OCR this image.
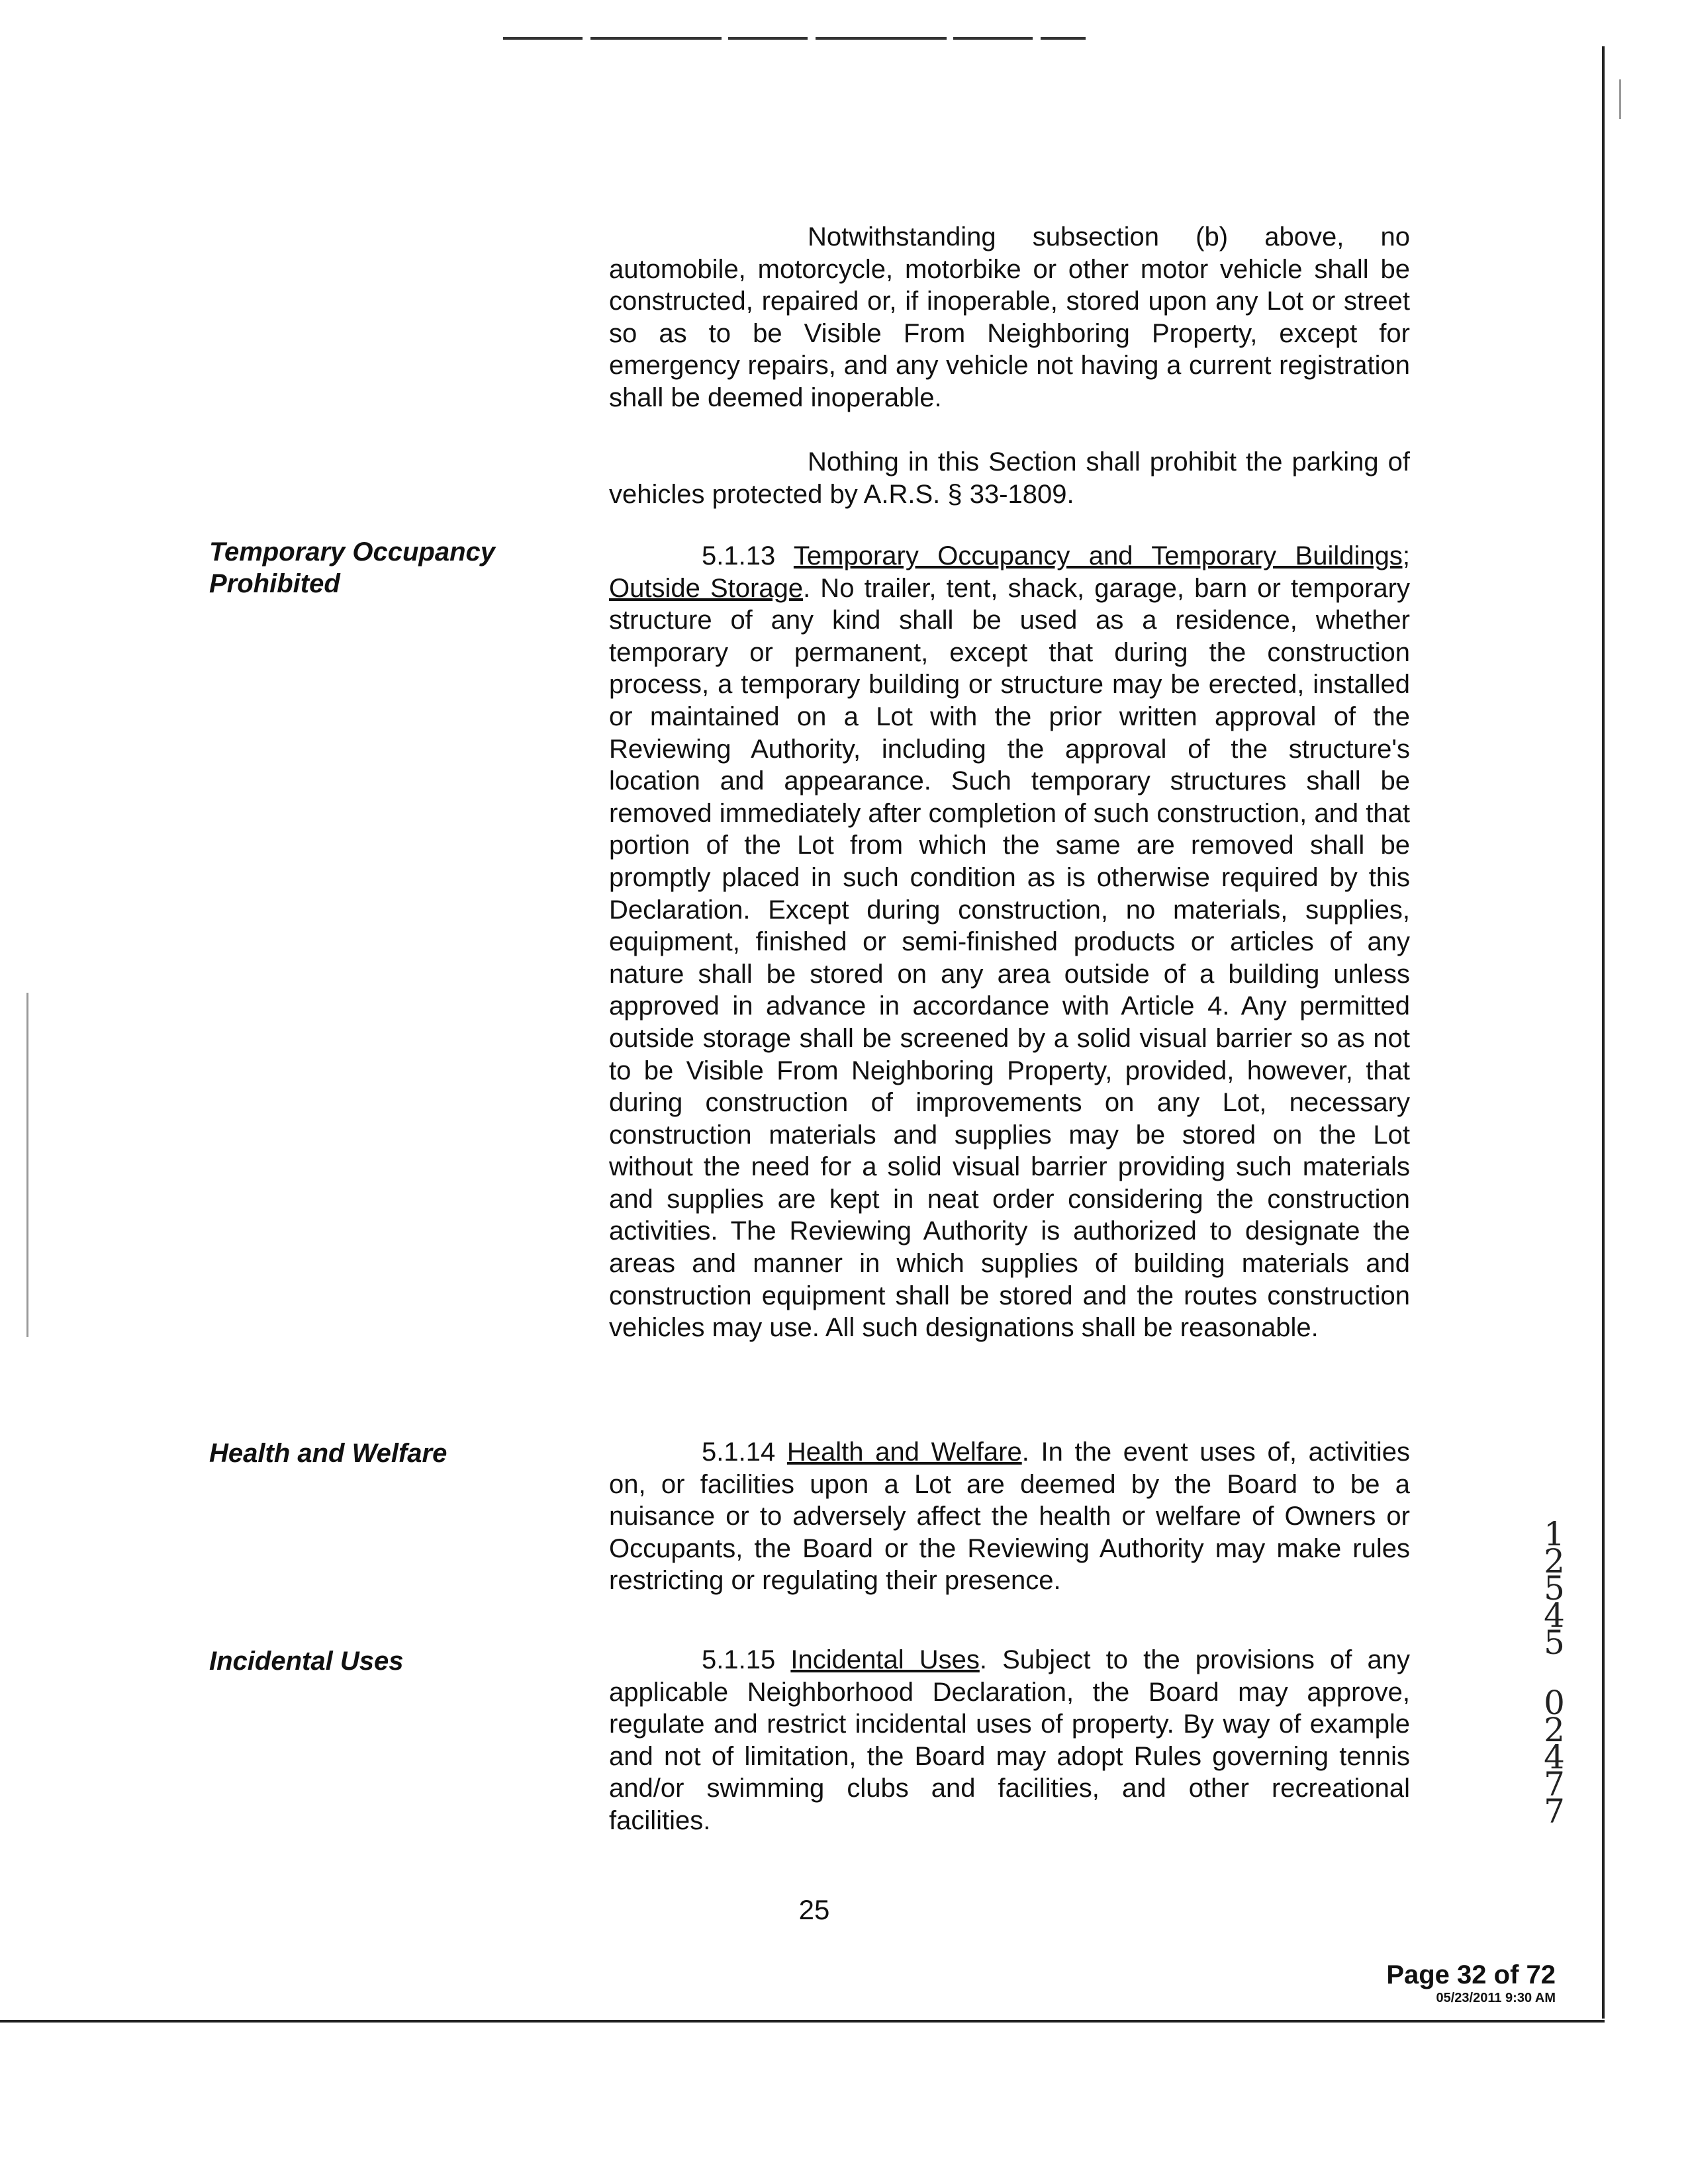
Notwithstanding subsection (b) above, no automobile, motorcycle, motorbike or other motor vehicle shall be constructed, repaired or, if inoperable, stored upon any Lot or street so as to be Visible From Neighboring Property, except for emergency repairs, and any vehicle not having a current registration shall be deemed inoperable.
Nothing in this Section shall prohibit the parking of vehicles protected by A.R.S. § 33-1809.
Temporary Occupancy Prohibited
5.1.13 Temporary Occupancy and Temporary Buildings; Outside Storage. No trailer, tent, shack, garage, barn or temporary structure of any kind shall be used as a residence, whether temporary or permanent, except that during the construction process, a temporary building or structure may be erected, installed or maintained on a Lot with the prior written approval of the Reviewing Authority, including the approval of the structure's location and appearance. Such temporary structures shall be removed immediately after completion of such construction, and that portion of the Lot from which the same are removed shall be promptly placed in such condition as is otherwise required by this Declaration. Except during construction, no materials, supplies, equipment, finished or semi-finished products or articles of any nature shall be stored on any area outside of a building unless approved in advance in accordance with Article 4. Any permitted outside storage shall be screened by a solid visual barrier so as not to be Visible From Neighboring Property, provided, however, that during construction of improvements on any Lot, necessary construction materials and supplies may be stored on the Lot without the need for a solid visual barrier providing such materials and supplies are kept in neat order considering the construction activities. The Reviewing Authority is authorized to designate the areas and manner in which supplies of building materials and construction equipment shall be stored and the routes construction vehicles may use. All such designations shall be reasonable.
Health and Welfare	5.1.14 Health and Welfare. In the event uses of, activities on, or facilities upon a Lot are deemed by the Board to be a nuisance or to adversely affect the health or welfare of Owners or Occupants, the Board or the Reviewing Authority may make rules restricting or regulating their presence.
Incidental Uses	5.1.15 Incidental Uses. Subject to the provisions of any applicable Neighborhood Declaration, the Board may approve, regulate and restrict incidental uses of property. By way of example and not of limitation, the Board may adopt Rules governing tennis and/or swimming clubs and facilities, and other recreational facilities.
1
2
5
4
5
0
2
4
7
7
25
Page 32 of 72
05/23/2011 9:30 AM
